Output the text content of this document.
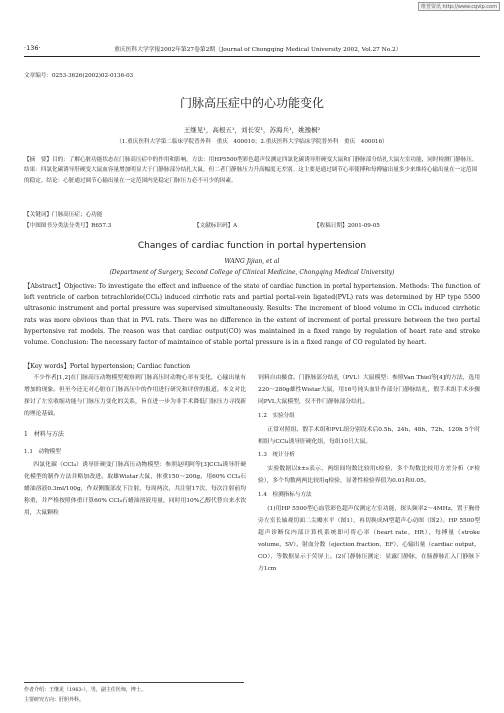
维普资讯 http://www.cqvip.com
·136·	重庆医科大学学报2002年第27卷第2期（Journal of Chongqing Medical University 2002, Vol.27 No.2）
文章编号：0253-3626(2002)02-0136-03
门脉高压症中的心功能变化
王继见¹，高根五¹，刘长安¹，苏海兵¹，姚豫桐²
（1.重庆医科大学第二临床学院普外科　重庆　400010；2.重庆医科大学临床学院普外科　重庆　400016）
【摘　要】目的：了解心脏功能状态在门脉高压症中的作用和影响。方法：用HP5500型彩色超声仪测定四氯化碳诱导肝硬变大鼠和门静脉部分结扎大鼠左室功能，同时检测门静脉压。结果：四氯化碳诱导肝硬变大鼠血容量增加明显大于门静脉部分结扎大鼠，但二者门静脉压力升高幅度无差别。这主要是通过调节心率使搏和每搏输出量多少来维持心输出量在一定范围的稳定。结论：心脏通过调节心输出量在一定范围内是稳定门脉压力必不可少的因素。
【关键词】门脉高压症；心功能
【中图图书分类法分类号】R657.3	【文献标识码】A	【收稿日期】2001-09-05
Changes of cardiac function in portal hypertension
WANG Jijian, et al
(Department of Surgery, Second College of Clinical Medicine, Chongqing Medical University)
【Abstract】Objective: To investigate the effect and influence of the state of cardiac function in portal hypertension. Methods: The function of left ventricle of carbon tetrachloride(CCl₄) induced cirrhotic rats and partial portal-vein ligated(PVL) rats was determined by HP type 5500 ultrasonic instrument and portal pressure was supervised simultaneously. Results: The increment of blood volume in CCl₄ induced cirrhotic rats was more obvious than that in PVL rats. There was no difference in the extent of increment of portal pressure between the two portal hypertensive rat models. The reason was that cardiac output(CO) was maintained in a fixed range by regulation of heart rate and stroke volume. Conclusion: The necessary factor of maintaince of stable portal pressure is in a fixed range of CO regulated by heart.
【Key words】Portal hypertension; Cardiac function

不少作者[1,2]在门脉高压动物模型观察到门脉高压时动物心率有变化，心输出量有增加的现象。但至今还无对心脏在门脉高压中的作用进行研究和评价的报道。本文对比探讨了左室收缩功能与门脉压力变化的关系，旨在进一步为非手术降低门脉压力寻找新的理论基础。

1　材料与方法
1.1　动物模型

四氯化碳（CCl₄）诱导肝硬变门脉高压动物模型：参照赵明阿等[3]CCl₄诱导肝硬化模型的制作方法并略加改进。取雄Wistar大鼠，体重150～200g，用60% CCl₄石蜡油溶液0.3ml/100g，作双侧腹部皮下注射，每周两次，共注射17次，每次注射前均称重，并严格按照体重计算60% CCl₄石蜡油溶液用量，同时用10%乙醇代替自来水饮用，大鼠颗粒

饲料自由摄食。门静脉部分结扎（PVL）大鼠模型：参照Van Thiel等[4]的方法，选用220～280g雄性Wistar大鼠，用16号钝头血针作部分门静脉结扎，假手术组手术步骤同PVL大鼠模型，仅不作门静脉部分结扎。

1.2　实验分组

正常对照组、假手术组和PVL组分别设术后0.5h、24h、48h、72h、120h 5个时相组与CCl₄诱导肝硬化组，每组10只大鼠。

1.3　统计分析

实验数据以x̄±s表示，两组间均数比较用t检验，多个均数比较用方差分析（F检验），多个均数两两比较用q检验，显著性检验界值为0.01和0.05。

1.4　检测指标与方法

(1)用HP 5500型心血管彩色超声仪测定左室功能，探头频率2～4MHz，置于胸骨旁左室长轴观切面二尖瓣水平（图1），再切换成M型超声心动图（图2）。HP 5500型超声诊断仪内部计算机系统即可将心率（heart rate，HR）、每搏量（stroke volume，SV）、射血分数（ejection fraction，EF）、心输出量（cardiac output，CO），等数据显示于荧屏上。(2)门静脉压测定：显露门静脉，在肠静脉汇入门静脉下方1cm

作者介绍：王继见（1963-），男，副主任医师，博士。
主要研究方向：肝胆外科。
